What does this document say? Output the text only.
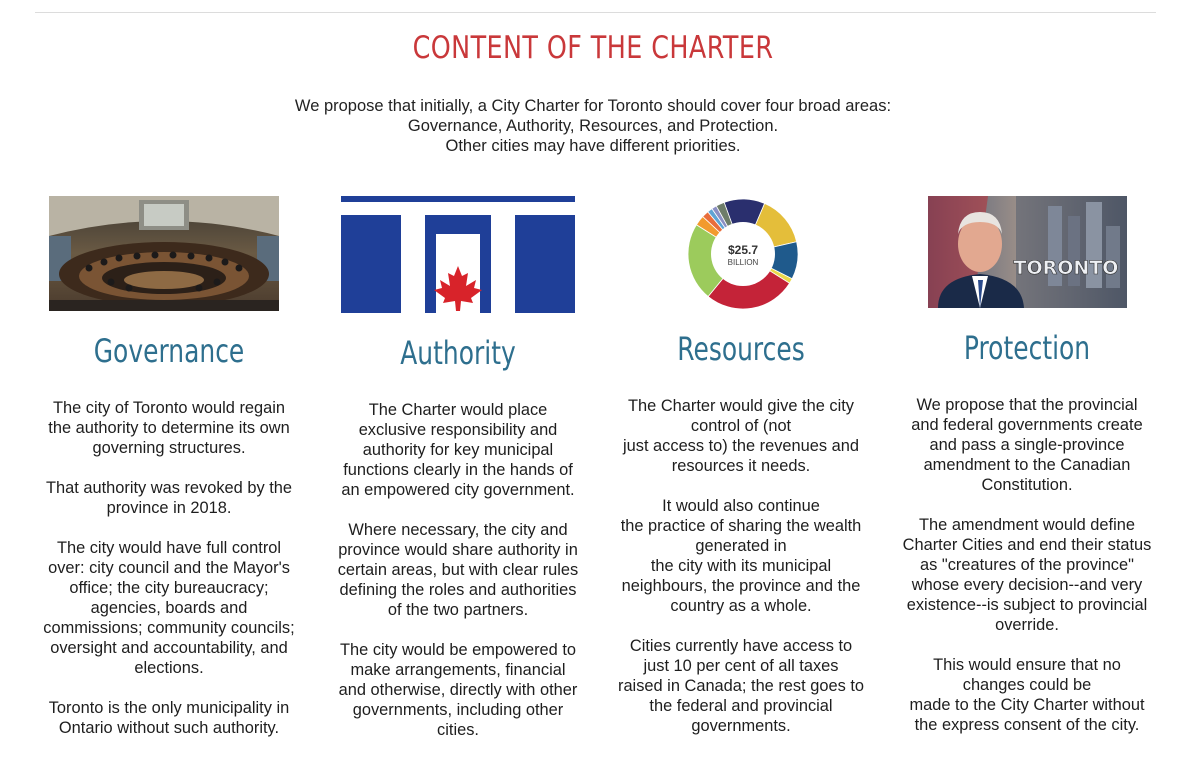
CONTENT OF THE CHARTER
We propose that initially, a City Charter for Toronto should cover four broad areas:
Governance, Authority, Resources, and Protection.
Other cities may have different priorities.
Governance
The city of Toronto would regain
the authority to determine its own
governing structures.
That authority was revoked by the
province in 2018.
The city would have full control
over: city council and the Mayor's
office; the city bureaucracy;
agencies, boards and
commissions; community councils;
oversight and accountability, and
elections.
Toronto is the only municipality in
Ontario without such authority.
Authority
The Charter would place
exclusive responsibility and
authority for key municipal
functions clearly in the hands of
an empowered city government.
Where necessary, the city and
province would share authority in
certain areas, but with clear rules
defining the roles and authorities
of the two partners.
The city would be empowered to
make arrangements, financial
and otherwise, directly with other
governments, including other
cities.
$25.7
BILLION
Resources
The Charter would give the city
control of (not
just access to) the revenues and
resources it needs.
It would also continue
the practice of sharing the wealth
generated in
the city with its municipal
neighbours, the province and the
country as a whole.
Cities currently have access to
just 10 per cent of all taxes
raised in Canada; the rest goes to
the federal and provincial
governments.
TORONTO
Protection
We propose that the provincial
and federal governments create
and pass a single-province
amendment to the Canadian
Constitution.
The amendment would define
Charter Cities and end their status
as "creatures of the province"
whose every decision--and very
existence--is subject to provincial
override.
This would ensure that no
changes could be
made to the City Charter without
the express consent of the city.
